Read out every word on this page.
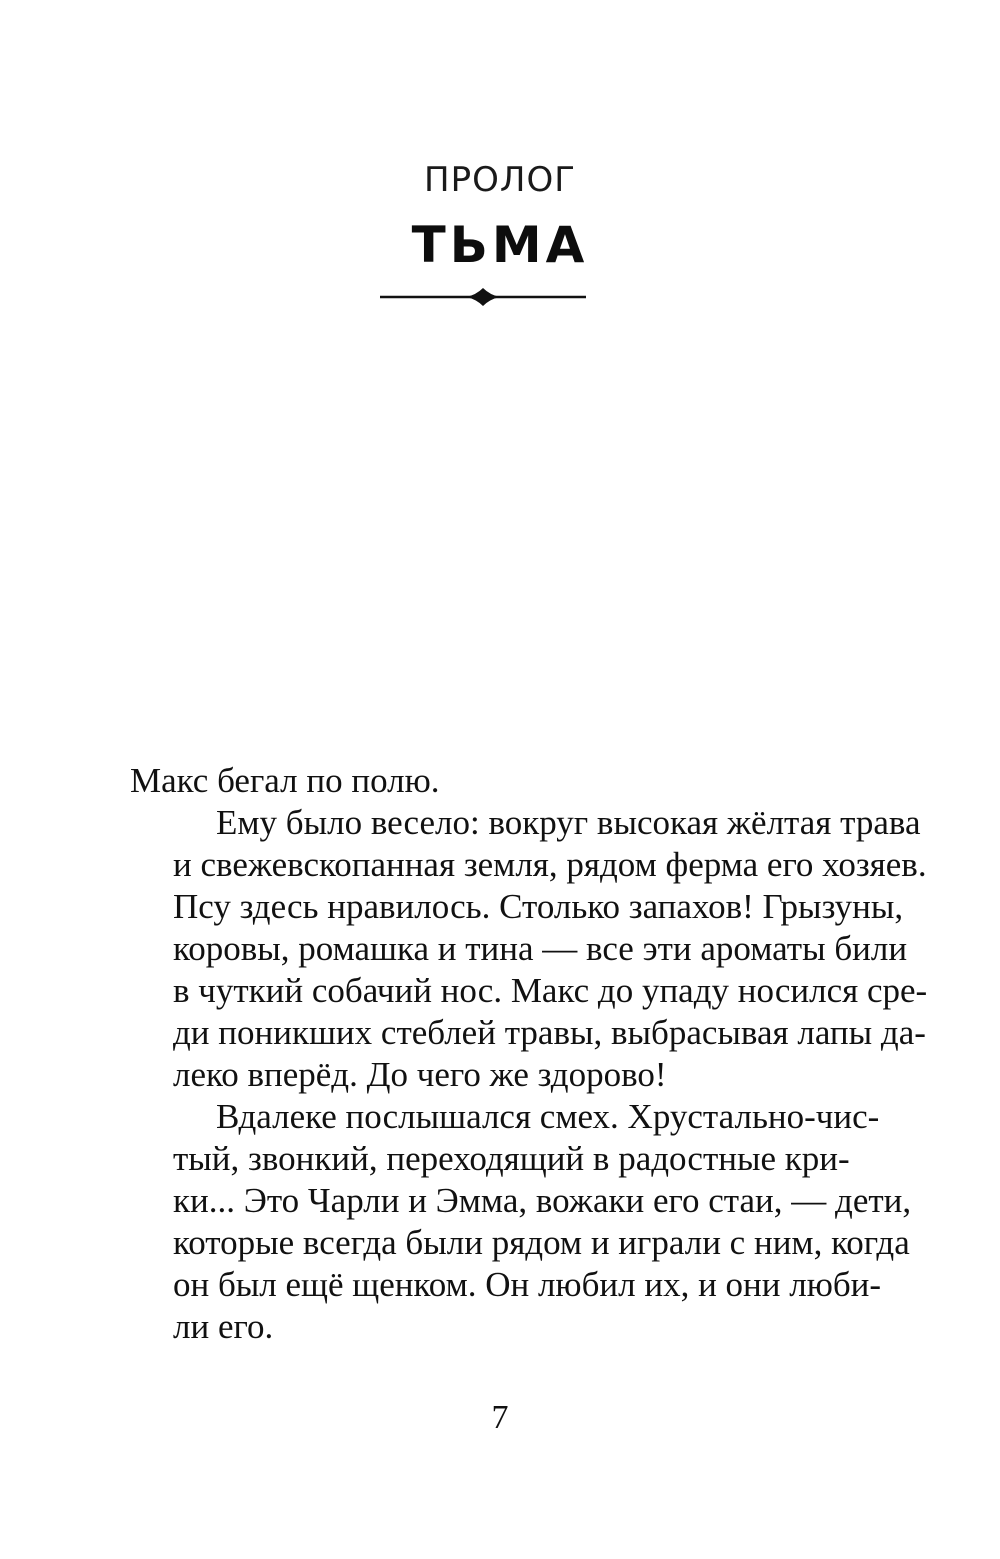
ПРОЛОГ
ТЬМА

Макс бегал по полю.

Ему было весело: вокруг высокая жёлтая трава
и свежевскопанная земля, рядом ферма его хозяев.
Псу здесь нравилось. Столько запахов! Грызуны,
коровы, ромашка и тина — все эти ароматы били
в чуткий собачий нос. Макс до упаду носился сре-
ди поникших стеблей травы, выбрасывая лапы да-
леко вперёд. До чего же здорово!

Вдалеке послышался смех. Хрустально-чис-
тый, звонкий, переходящий в радостные кри-
ки... Это Чарли и Эмма, вожаки его стаи, — дети,
которые всегда были рядом и играли с ним, когда
он был ещё щенком. Он любил их, и они люби-
ли его.

7
